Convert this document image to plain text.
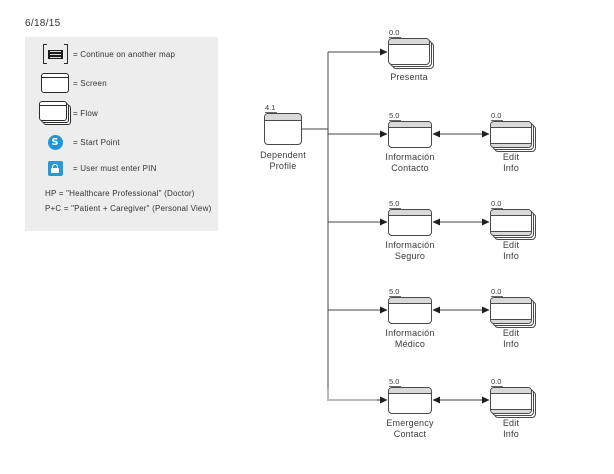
6/18/15
= Continue on another map
= Screen
= Flow
S	= Start Point
= User must enter PIN
HP = "Healthcare Professional" (Doctor)
P+C = "Patient + Caregiver" (Personal View)
4.1
Dependent
Profile
0.0
Presenta
5.0
Información
Contacto
0.0
Edit
Info
5.0
Información
Seguro
0.0
Edit
Info
5.0
Información
Médico
0.0
Edit
Info
5.0
Emergency
Contact
0.0
Edit
Info
